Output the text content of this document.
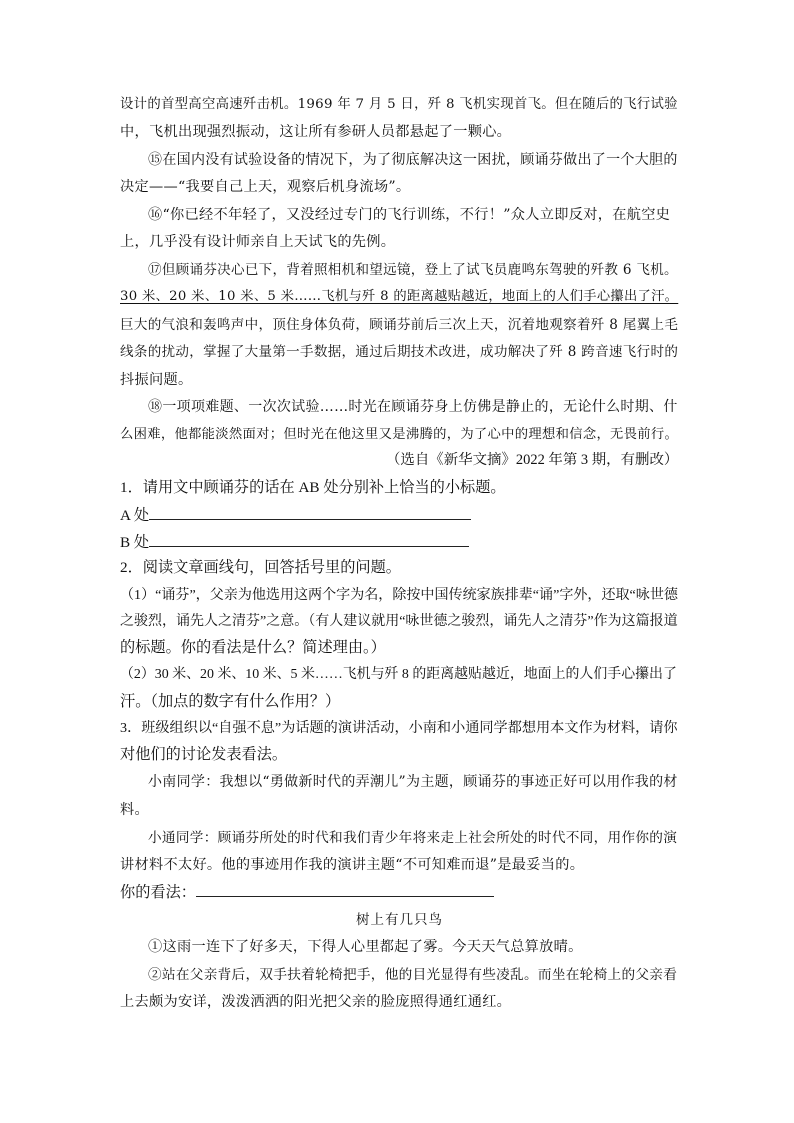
设计的首型高空高速歼击机。1969 年 7 月 5 日，歼 8 飞机实现首飞。但在随后的飞行试验
中，飞机出现强烈振动，这让所有参研人员都悬起了一颗心。
⑮在国内没有试验设备的情况下，为了彻底解决这一困扰，顾诵芬做出了一个大胆的
决定——“我要自己上天，观察后机身流场”。
⑯“你已经不年轻了，又没经过专门的飞行训练，不行！”众人立即反对，在航空史
上，几乎没有设计师亲自上天试飞的先例。
⑰但顾诵芬决心已下，背着照相机和望远镜，登上了试飞员鹿鸣东驾驶的歼教 6 飞机。
30 米、20 米、10 米、5 米……飞机与歼 8 的距离越贴越近，地面上的人们手心攥出了汗。
巨大的气浪和轰鸣声中，顶住身体负荷，顾诵芬前后三次上天，沉着地观察着歼 8 尾翼上毛
线条的扰动，掌握了大量第一手数据，通过后期技术改进，成功解决了歼 8 跨音速飞行时的
抖振问题。
⑱一项项难题、一次次试验……时光在顾诵芬身上仿佛是静止的，无论什么时期、什
么困难，他都能淡然面对；但时光在他这里又是沸腾的，为了心中的理想和信念，无畏前行。
（选自《新华文摘》2022 年第 3 期，有删改）
1．请用文中顾诵芬的话在 AB 处分别补上恰当的小标题。
A 处
B 处
2．阅读文章画线句，回答括号里的问题。
（1）“诵芬”，父亲为他选用这两个字为名，除按中国传统家族排辈“诵”字外，还取“咏世德
之骏烈，诵先人之清芬”之意。（有人建议就用“咏世德之骏烈，诵先人之清芬”作为这篇报道
的标题。你的看法是什么？简述理由。）
（2）30 米、20 米、10 米、5 米……飞机与歼 8 的距离越贴越近，地面上的人们手心攥出了
汗。（加点的数字有什么作用？）
3．班级组织以“自强不息”为话题的演讲活动，小南和小通同学都想用本文作为材料，请你
对他们的讨论发表看法。
小南同学：我想以“勇做新时代的弄潮儿”为主题，顾诵芬的事迹正好可以用作我的材
料。
小通同学：顾诵芬所处的时代和我们青少年将来走上社会所处的时代不同，用作你的演
讲材料不太好。他的事迹用作我的演讲主题“不可知难而退”是最妥当的。
你的看法：
树上有几只鸟
①这雨一连下了好多天，下得人心里都起了雾。今天天气总算放晴。
②站在父亲背后，双手扶着轮椅把手，他的目光显得有些凌乱。而坐在轮椅上的父亲看
上去颇为安详，泼泼洒洒的阳光把父亲的脸庞照得通红通红。
